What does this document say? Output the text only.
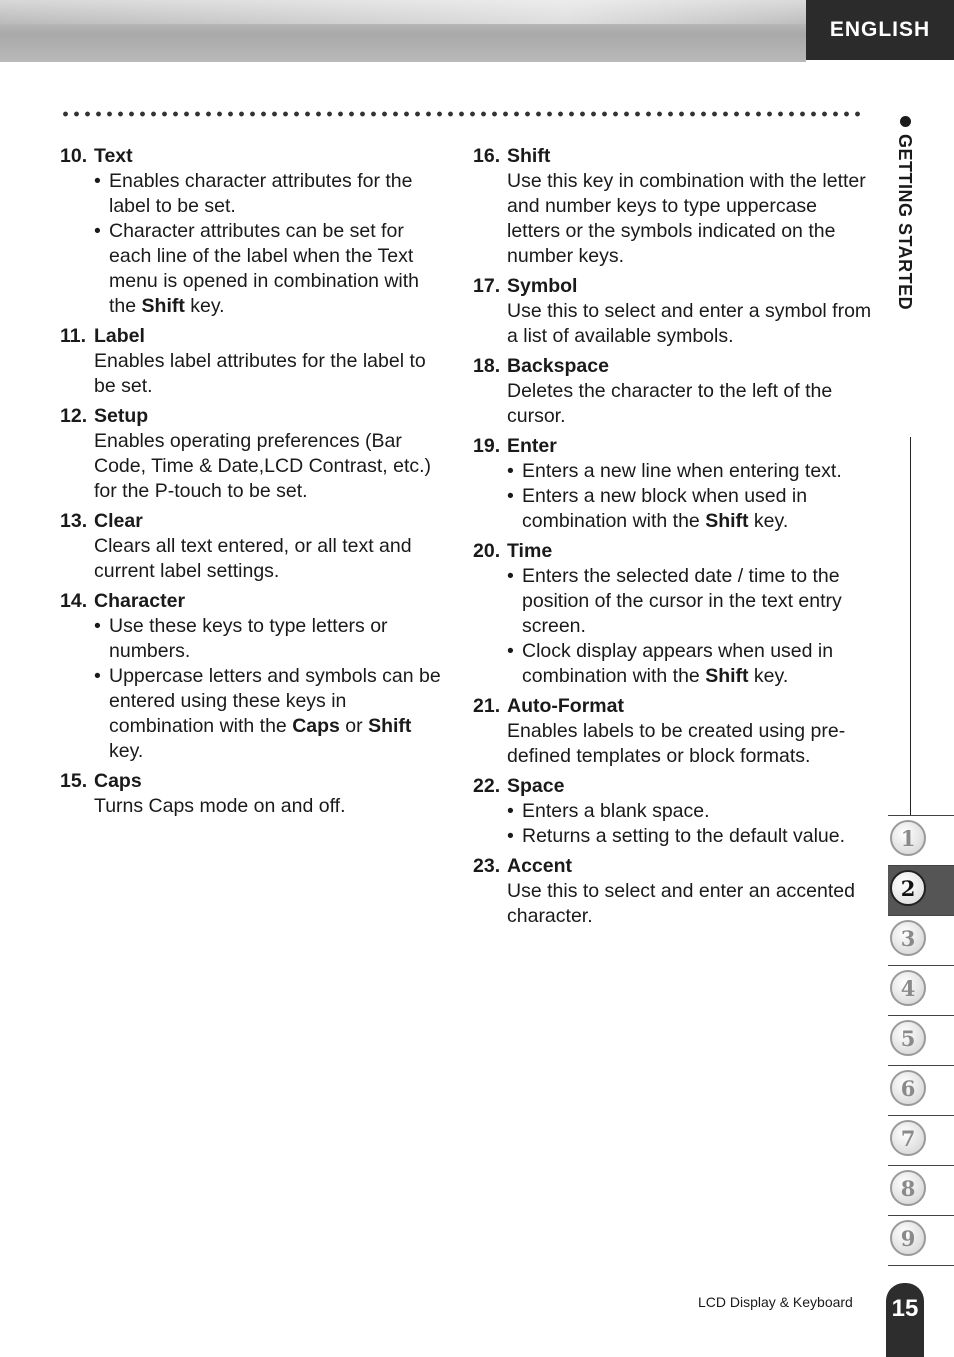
ENGLISH
GETTING STARTED
1
2
3
4
5
6
7
8
9
10. Text
• Enables character attributes for the label to be set.
• Character attributes can be set for each line of the label when the Text menu is opened in combination with the Shift key.
11. Label
Enables label attributes for the label to be set.
12. Setup
Enables operating preferences (Bar Code, Time & Date,LCD Contrast, etc.) for the P-touch to be set.
13. Clear
Clears all text entered, or all text and current label settings.
14. Character
• Use these keys to type letters or numbers.
• Uppercase letters and symbols can be entered using these keys in combination with the Caps or Shift key.
15. Caps
Turns Caps mode on and off.
16. Shift
Use this key in combination with the letter and number keys to type uppercase letters or the symbols indicated on the number keys.
17. Symbol
Use this to select and enter a symbol from a list of available symbols.
18. Backspace
Deletes the character to the left of the cursor.
19. Enter
• Enters a new line when entering text.
• Enters a new block when used in combination with the Shift key.
20. Time
• Enters the selected date / time to the position of the cursor in the text entry screen.
• Clock display appears when used in combination with the Shift key.
21. Auto-Format
Enables labels to be created using pre-defined templates or block formats.
22. Space
• Enters a blank space.
• Returns a setting to the default value.
23. Accent
Use this to select and enter an accented character.
LCD Display & Keyboard 15
